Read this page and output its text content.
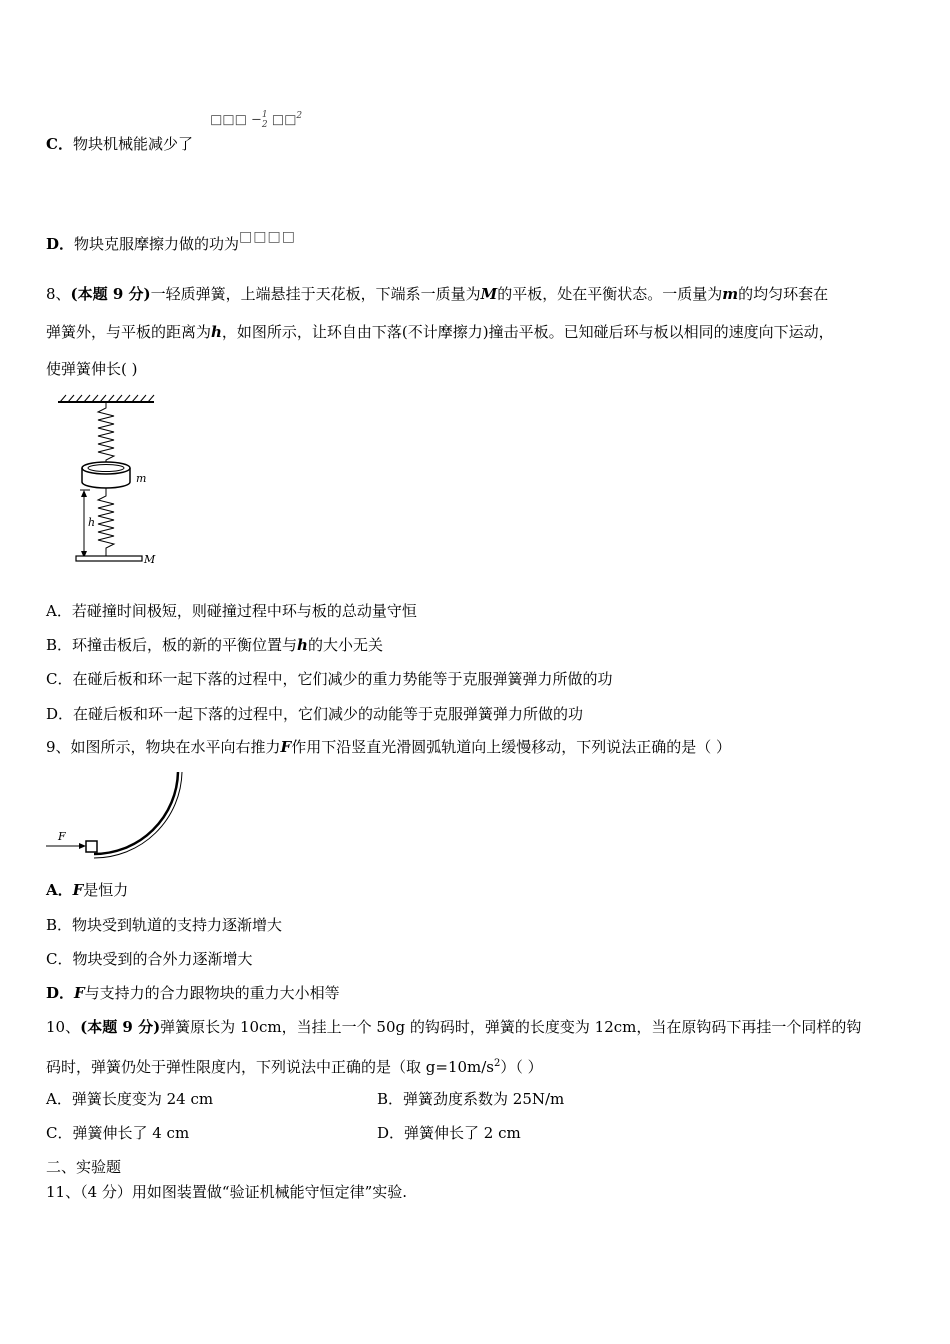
C．物块机械能减少了
□□□ −1
2 □□$^2$
D．物块克服摩擦力做的功为□□□□
8、(本题 9 分)一轻质弹簧，上端悬挂于天花板，下端系一质量为M的平板，处在平衡状态。一质量为m的均匀环套在
弹簧外，与平板的距离为h，如图所示，让环自由下落(不计摩擦力)撞击平板。已知碰后环与板以相同的速度向下运动，
使弹簧伸长( )
m
h
M
A．若碰撞时间极短，则碰撞过程中环与板的总动量守恒
B．环撞击板后，板的新的平衡位置与h的大小无关
C．在碰后板和环一起下落的过程中，它们减少的重力势能等于克服弹簧弹力所做的功
D．在碰后板和环一起下落的过程中，它们减少的动能等于克服弹簧弹力所做的功
9、如图所示，物块在水平向右推力F作用下沿竖直光滑圆弧轨道向上缓慢移动，下列说法正确的是（ ）
F
A．F是恒力
B．物块受到轨道的支持力逐渐增大
C．物块受到的合外力逐渐增大
D．F与支持力的合力跟物块的重力大小相等
10、(本题 9 分)弹簧原长为 10cm，当挂上一个 50g 的钩码时，弹簧的长度变为 12cm，当在原钩码下再挂一个同样的钩
码时，弹簧仍处于弹性限度内，下列说法中正确的是（取 $g=10m/s^2$）（ ）
A．弹簧长度变为 24 cm	B．弹簧劲度系数为 25N/m
C．弹簧伸长了 4 cm	D．弹簧伸长了 2 cm
二、实验题
11、（4 分）用如图装置做“验证机械能守恒定律”实验.
